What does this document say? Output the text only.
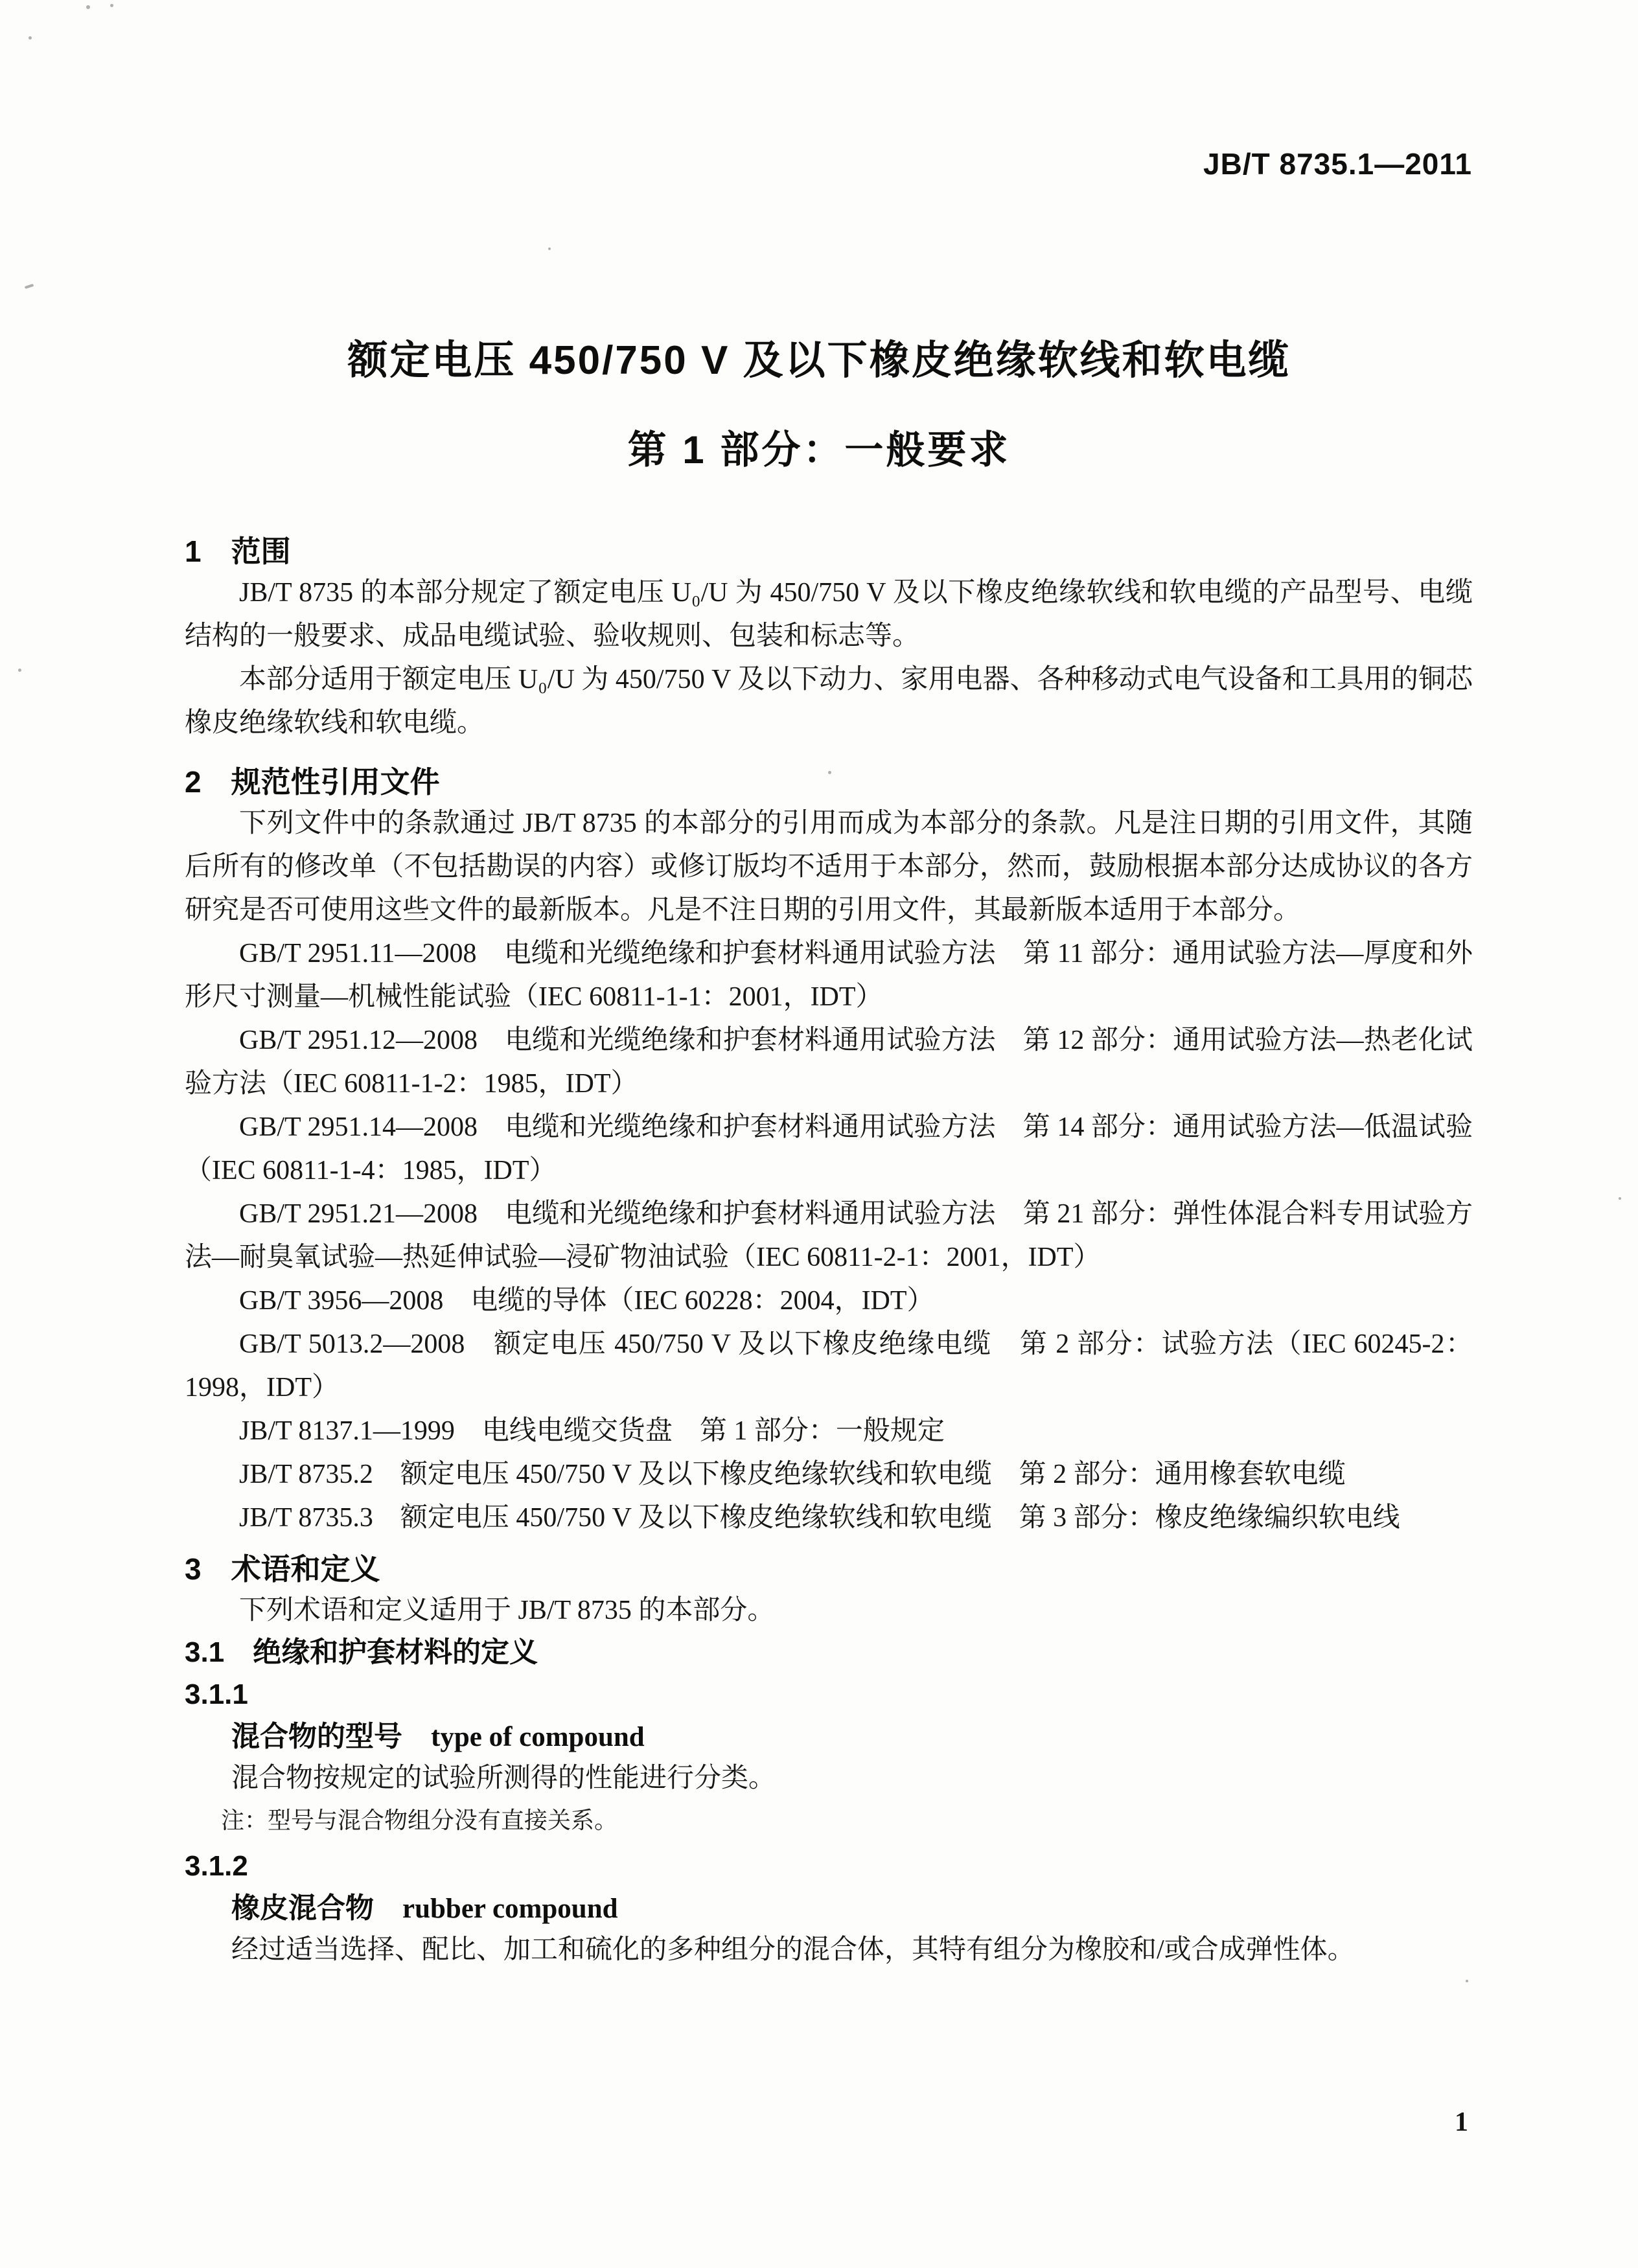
JB/T 8735.1—2011
额定电压 450/750 V 及以下橡皮绝缘软线和软电缆
第 1 部分：一般要求
1　范围

JB/T 8735 的本部分规定了额定电压 U₀/U 为 450/750 V 及以下橡皮绝缘软线和软电缆的产品型号、电缆结构的一般要求、成品电缆试验、验收规则、包装和标志等。

本部分适用于额定电压 U₀/U 为 450/750 V 及以下动力、家用电器、各种移动式电气设备和工具用的铜芯橡皮绝缘软线和软电缆。

2　规范性引用文件

下列文件中的条款通过 JB/T 8735 的本部分的引用而成为本部分的条款。凡是注日期的引用文件，其随后所有的修改单（不包括勘误的内容）或修订版均不适用于本部分，然而，鼓励根据本部分达成协议的各方研究是否可使用这些文件的最新版本。凡是不注日期的引用文件，其最新版本适用于本部分。

GB/T 2951.11—2008　电缆和光缆绝缘和护套材料通用试验方法　第 11 部分：通用试验方法—厚度和外形尺寸测量—机械性能试验（IEC 60811-1-1：2001，IDT）

GB/T 2951.12—2008　电缆和光缆绝缘和护套材料通用试验方法　第 12 部分：通用试验方法—热老化试验方法（IEC 60811-1-2：1985，IDT）

GB/T 2951.14—2008　电缆和光缆绝缘和护套材料通用试验方法　第 14 部分：通用试验方法—低温试验（IEC 60811-1-4：1985，IDT）

GB/T 2951.21—2008　电缆和光缆绝缘和护套材料通用试验方法　第 21 部分：弹性体混合料专用试验方法—耐臭氧试验—热延伸试验—浸矿物油试验（IEC 60811-2-1：2001，IDT）

GB/T 3956—2008　电缆的导体（IEC 60228：2004，IDT）

GB/T 5013.2—2008　额定电压 450/750 V 及以下橡皮绝缘电缆　第 2 部分：试验方法（IEC 60245-2：1998，IDT）

JB/T 8137.1—1999　电线电缆交货盘　第 1 部分：一般规定

JB/T 8735.2　额定电压 450/750 V 及以下橡皮绝缘软线和软电缆　第 2 部分：通用橡套软电缆

JB/T 8735.3　额定电压 450/750 V 及以下橡皮绝缘软线和软电缆　第 3 部分：橡皮绝缘编织软电线

3　术语和定义

下列术语和定义适用于 JB/T 8735 的本部分。

3.1　绝缘和护套材料的定义

3.1.1

混合物的型号 type of compound

混合物按规定的试验所测得的性能进行分类。

注：型号与混合物组分没有直接关系。

3.1.2

橡皮混合物 rubber compound

经过适当选择、配比、加工和硫化的多种组分的混合体，其特有组分为橡胶和/或合成弹性体。

1
